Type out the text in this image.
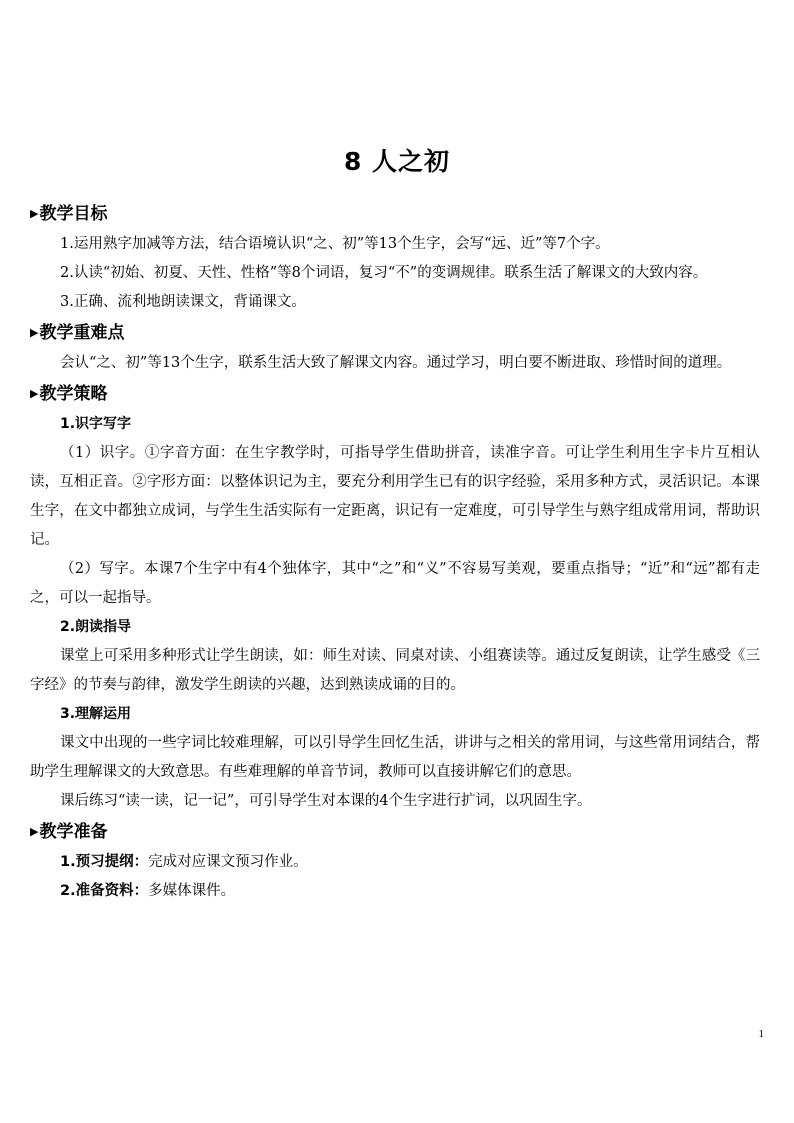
8 人之初
▶ 教学目标

1.运用熟字加减等方法，结合语境认识“之、初”等13个生字，会写“远、近”等7个字。

2.认读“初始、初夏、天性、性格”等8个词语，复习“不”的变调规律。联系生活了解课文的大致内容。

3.正确、流利地朗读课文，背诵课文。

▶ 教学重难点

会认“之、初”等13个生字，联系生活大致了解课文内容。通过学习，明白要不断进取、珍惜时间的道理。

▶ 教学策略

1.识字写字

（1）识字。①字音方面：在生字教学时，可指导学生借助拼音，读准字音。可让学生利用生字卡片互相认读，互相正音。②字形方面：以整体识记为主，要充分利用学生已有的识字经验，采用多种方式，灵活识记。本课生字，在文中都独立成词，与学生生活实际有一定距离，识记有一定难度，可引导学生与熟字组成常用词，帮助识记。

（2）写字。本课7个生字中有4个独体字，其中“之”和“义”不容易写美观，要重点指导；“近”和“远”都有走之，可以一起指导。

2.朗读指导

课堂上可采用多种形式让学生朗读，如：师生对读、同桌对读、小组赛读等。通过反复朗读，让学生感受《三字经》的节奏与韵律，激发学生朗读的兴趣，达到熟读成诵的目的。

3.理解运用

课文中出现的一些字词比较难理解，可以引导学生回忆生活，讲讲与之相关的常用词，与这些常用词结合，帮助学生理解课文的大致意思。有些难理解的单音节词，教师可以直接讲解它们的意思。

课后练习“读一读，记一记”，可引导学生对本课的4个生字进行扩词，以巩固生字。

▶ 教学准备

1.预习提纲：完成对应课文预习作业。

2.准备资料：多媒体课件。

1
